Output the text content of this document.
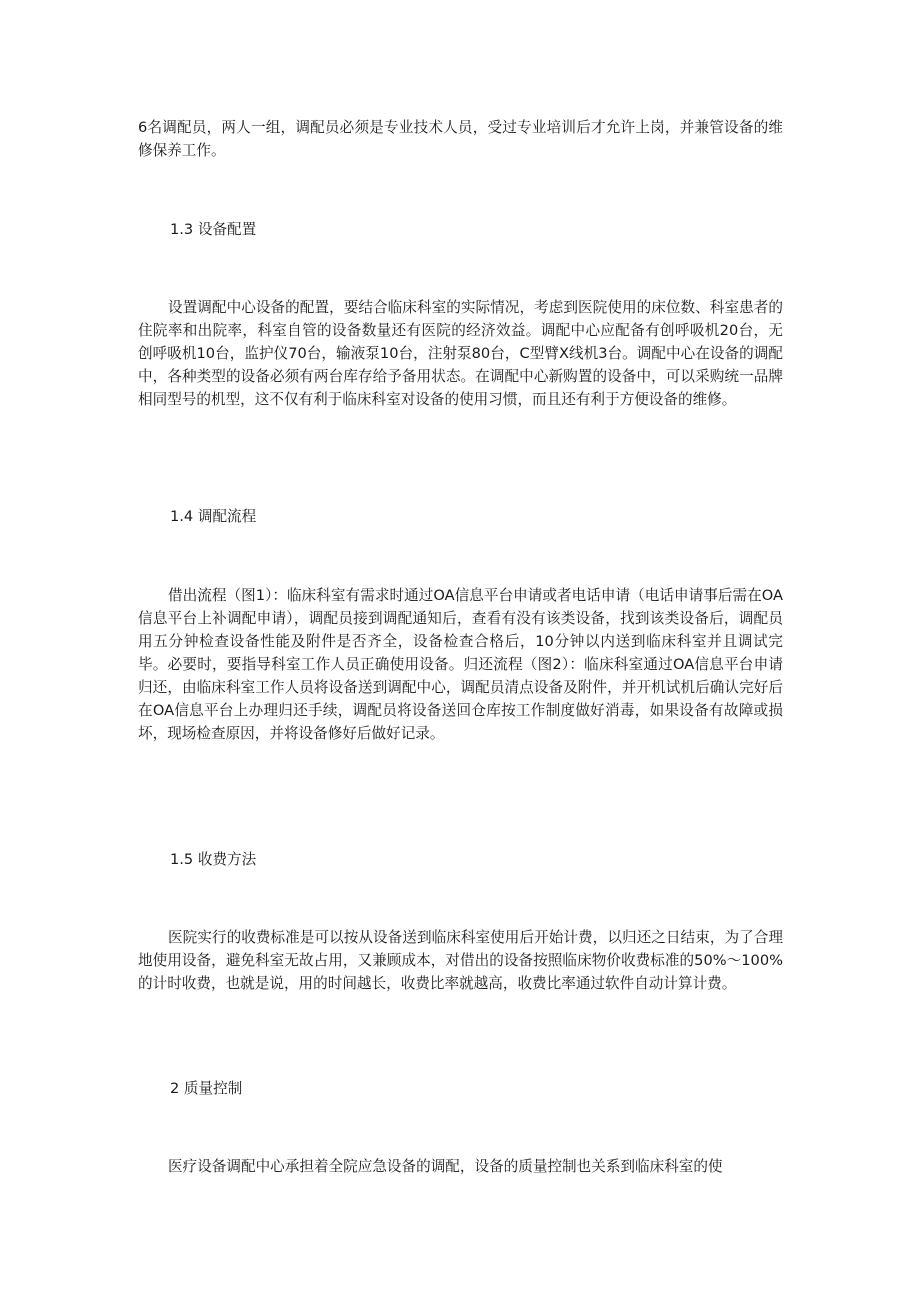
6名调配员，两人一组，调配员必须是专业技术人员，受过专业培训后才允许上岗，并兼管设备的维修保养工作。

1.3 设备配置

设置调配中心设备的配置，要结合临床科室的实际情况，考虑到医院使用的床位数、科室患者的住院率和出院率，科室自管的设备数量还有医院的经济效益。调配中心应配备有创呼吸机20台，无创呼吸机10台，监护仪70台，输液泵10台，注射泵80台，C型臂X线机3台。调配中心在设备的调配中，各种类型的设备必须有两台库存给予备用状态。在调配中心新购置的设备中，可以采购统一品牌相同型号的机型，这不仅有利于临床科室对设备的使用习惯，而且还有利于方便设备的维修。

1.4 调配流程

借出流程（图1）：临床科室有需求时通过OA信息平台申请或者电话申请（电话申请事后需在OA信息平台上补调配申请），调配员接到调配通知后，查看有没有该类设备，找到该类设备后，调配员用五分钟检查设备性能及附件是否齐全，设备检查合格后，10分钟以内送到临床科室并且调试完毕。必要时，要指导科室工作人员正确使用设备。归还流程（图2）：临床科室通过OA信息平台申请归还，由临床科室工作人员将设备送到调配中心，调配员清点设备及附件，并开机试机后确认完好后在OA信息平台上办理归还手续，调配员将设备送回仓库按工作制度做好消毒，如果设备有故障或损坏，现场检查原因，并将设备修好后做好记录。

1.5 收费方法

医院实行的收费标准是可以按从设备送到临床科室使用后开始计费，以归还之日结束，为了合理地使用设备，避免科室无故占用，又兼顾成本，对借出的设备按照临床物价收费标准的50%～100%的计时收费，也就是说，用的时间越长，收费比率就越高，收费比率通过软件自动计算计费。

2 质量控制

医疗设备调配中心承担着全院应急设备的调配，设备的质量控制也关系到临床科室的使
